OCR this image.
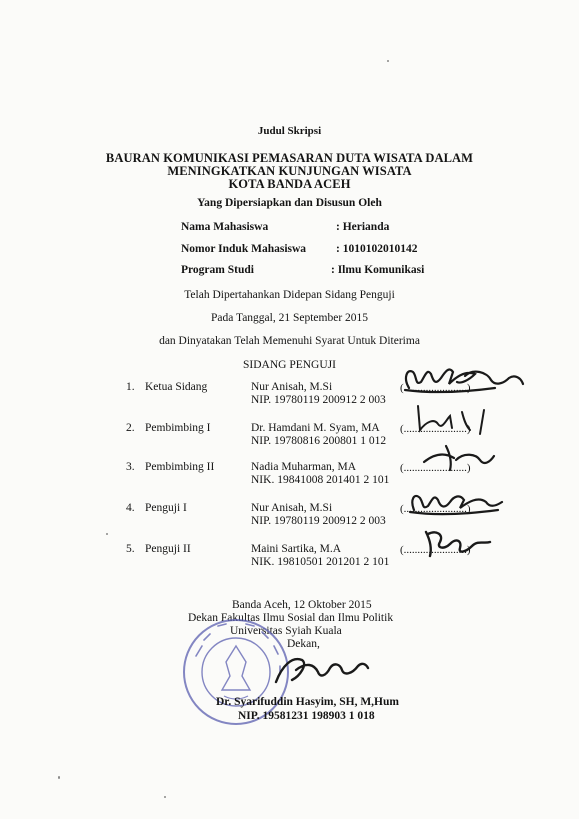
Judul Skripsi
BAURAN KOMUNIKASI PEMASARAN DUTA WISATA DALAM
MENINGKATKAN KUNJUNGAN WISATA
KOTA BANDA ACEH
Yang Dipersiapkan dan Disusun Oleh
Nama Mahasiswa	: Herianda
Nomor Induk Mahasiswa	: 1010102010142
Program Studi	: Ilmu Komunikasi
Telah Dipertahankan Didepan Sidang Penguji
Pada Tanggal, 21 September 2015
dan Dinyatakan Telah Memenuhi Syarat Untuk Diterima
SIDANG PENGUJI
1. Ketua Sidang	Nur Anisah, M.Si
NIP. 19780119 200912 2 003
(.......................)
2. Pembimbing I	Dr. Hamdani M. Syam, MA
NIP. 19780816 200801 1 012
(.......................)
3. Pembimbing II	Nadia Muharman, MA
NIK. 19841008 201401 2 101
(.......................)
4. Penguji I	Nur Anisah, M.Si
NIP. 19780119 200912 2 003
(.......................)
5. Penguji II	Maini Sartika, M.A
NIK. 19810501 201201 2 101
(.......................)
Banda Aceh, 12 Oktober 2015
Dekan Fakultas Ilmu Sosial dan Ilmu Politik
Universitas Syiah Kuala
Dekan,
Dr. Syarifuddin Hasyim, SH, M,Hum
NIP. 19581231 198903 1 018
